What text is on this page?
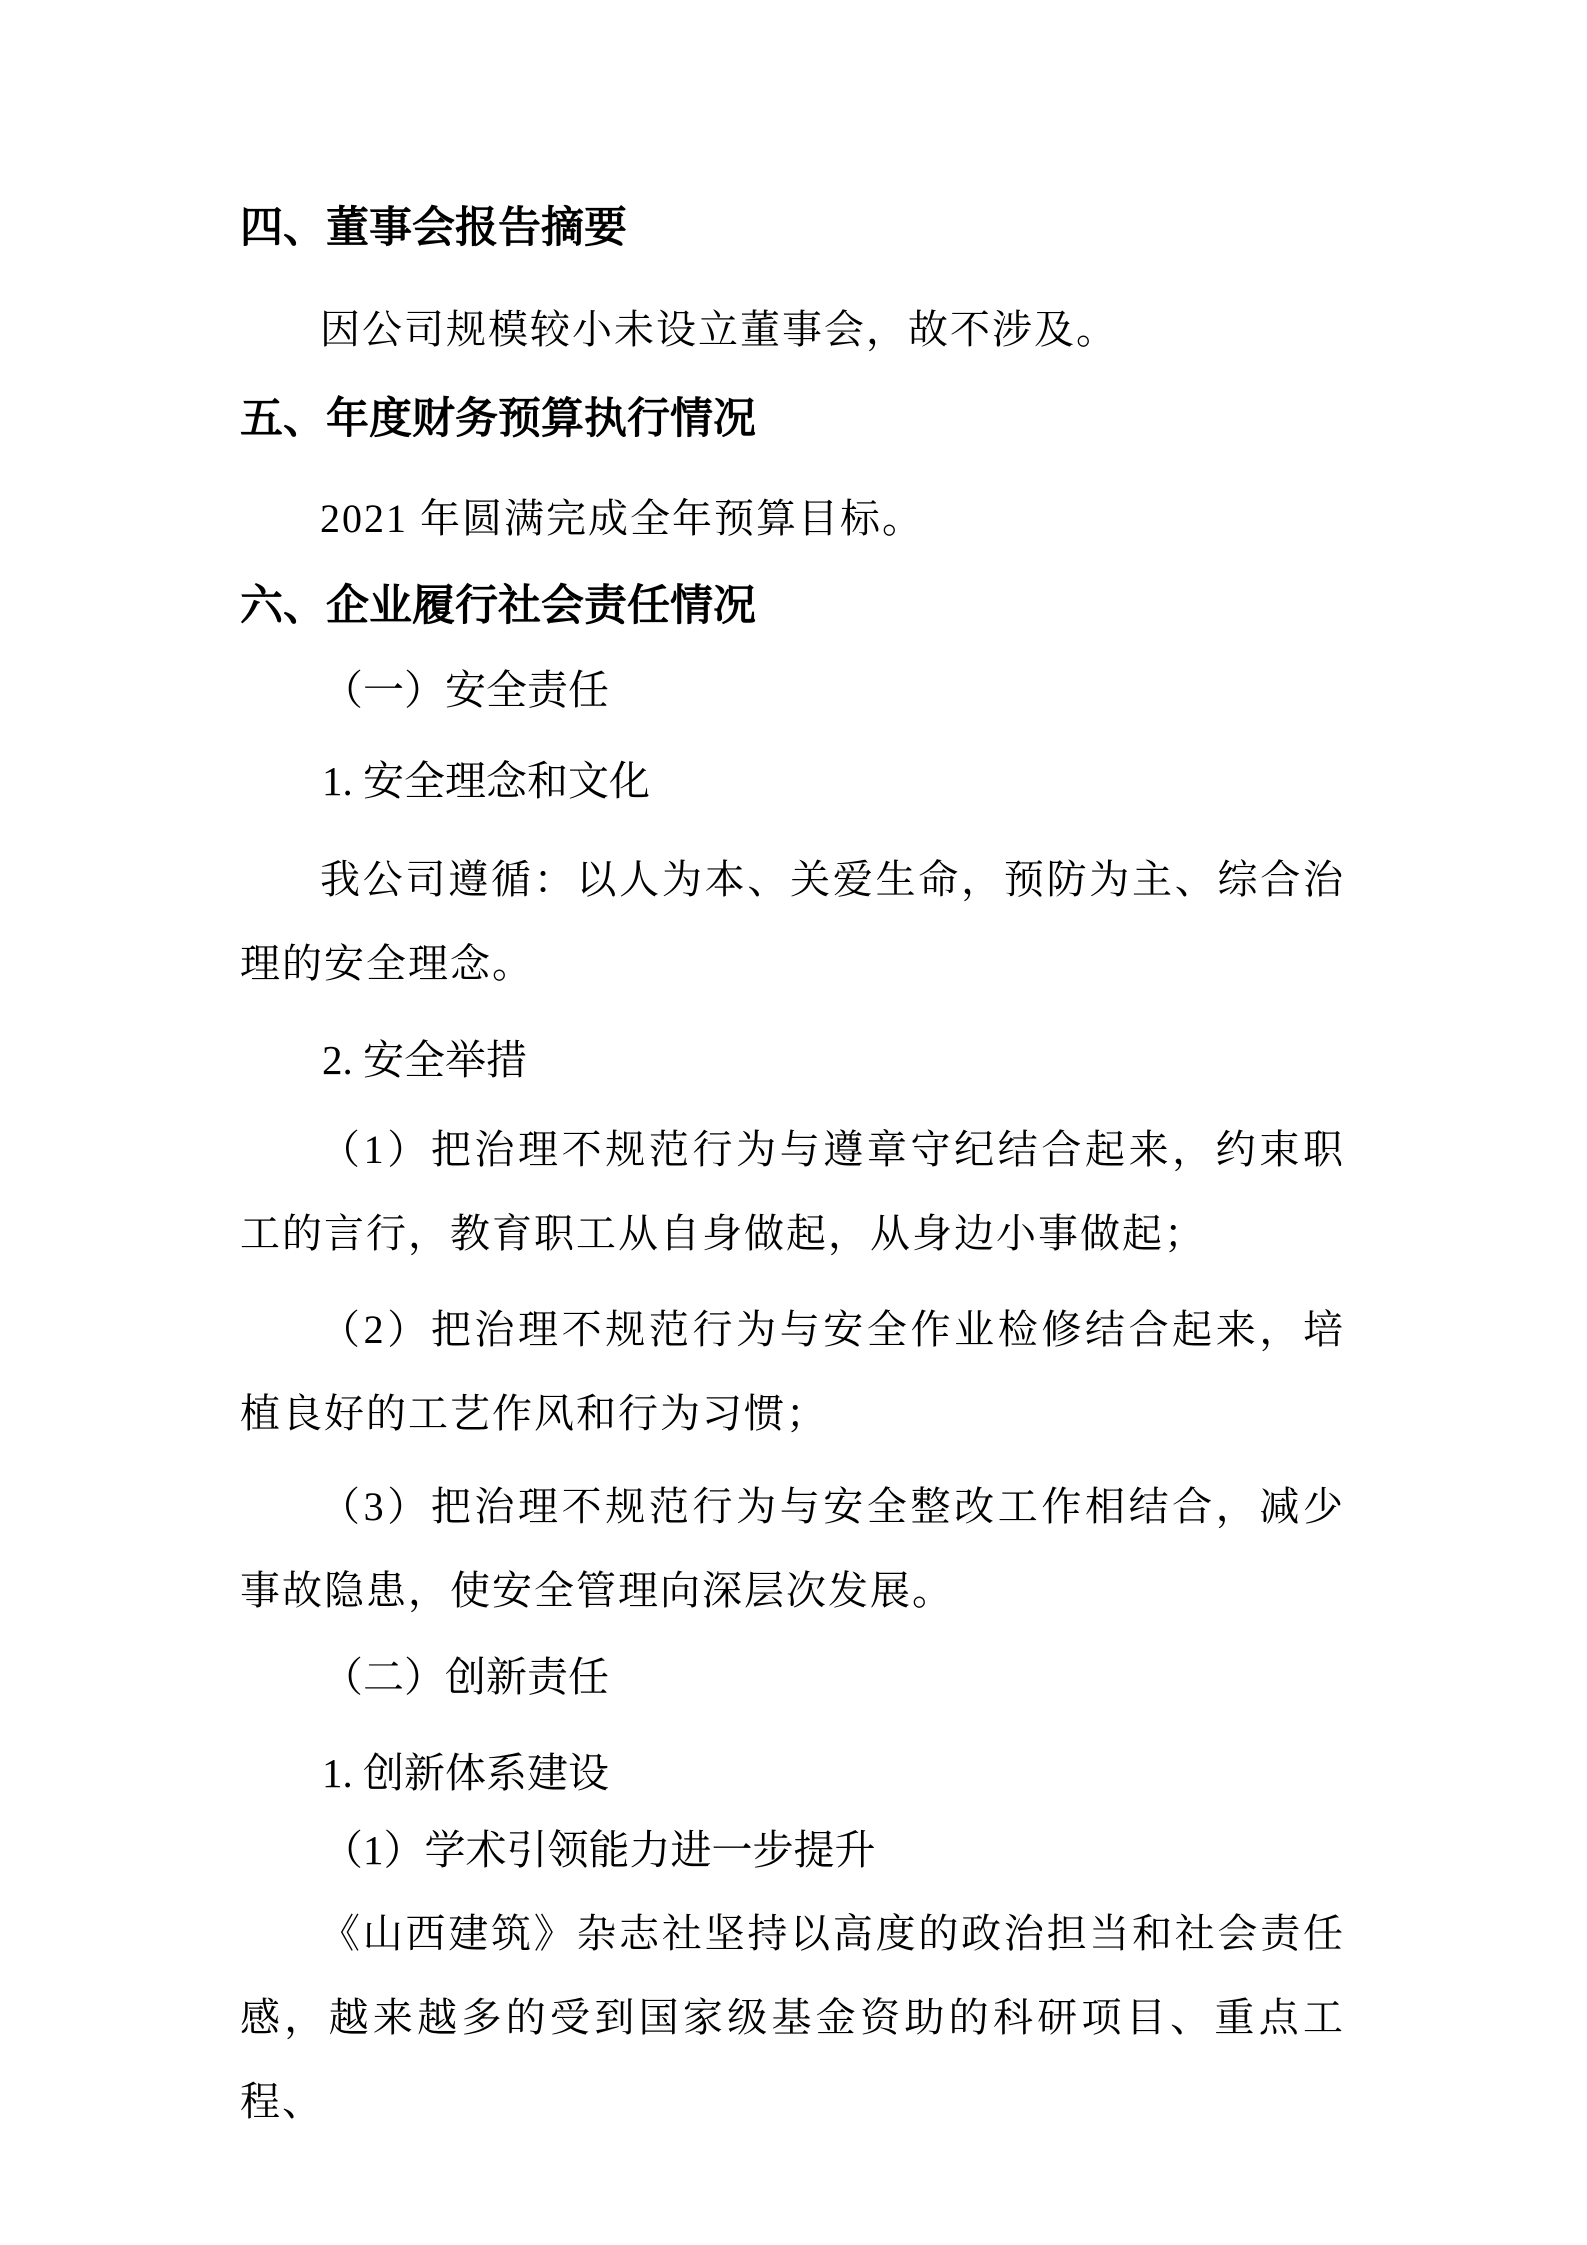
四、董事会报告摘要
因公司规模较小未设立董事会，故不涉及。
五、年度财务预算执行情况
2021 年圆满完成全年预算目标。
六、企业履行社会责任情况
（一）安全责任
1. 安全理念和文化
我公司遵循：以人为本、关爱生命，预防为主、综合治理的安全理念。
2. 安全举措
（1）把治理不规范行为与遵章守纪结合起来，约束职工的言行，教育职工从自身做起，从身边小事做起；
（2）把治理不规范行为与安全作业检修结合起来，培植良好的工艺作风和行为习惯；
（3）把治理不规范行为与安全整改工作相结合，减少事故隐患，使安全管理向深层次发展。
（二）创新责任
1. 创新体系建设
（1）学术引领能力进一步提升
《山西建筑》杂志社坚持以高度的政治担当和社会责任感，越来越多的受到国家级基金资助的科研项目、重点工程、
